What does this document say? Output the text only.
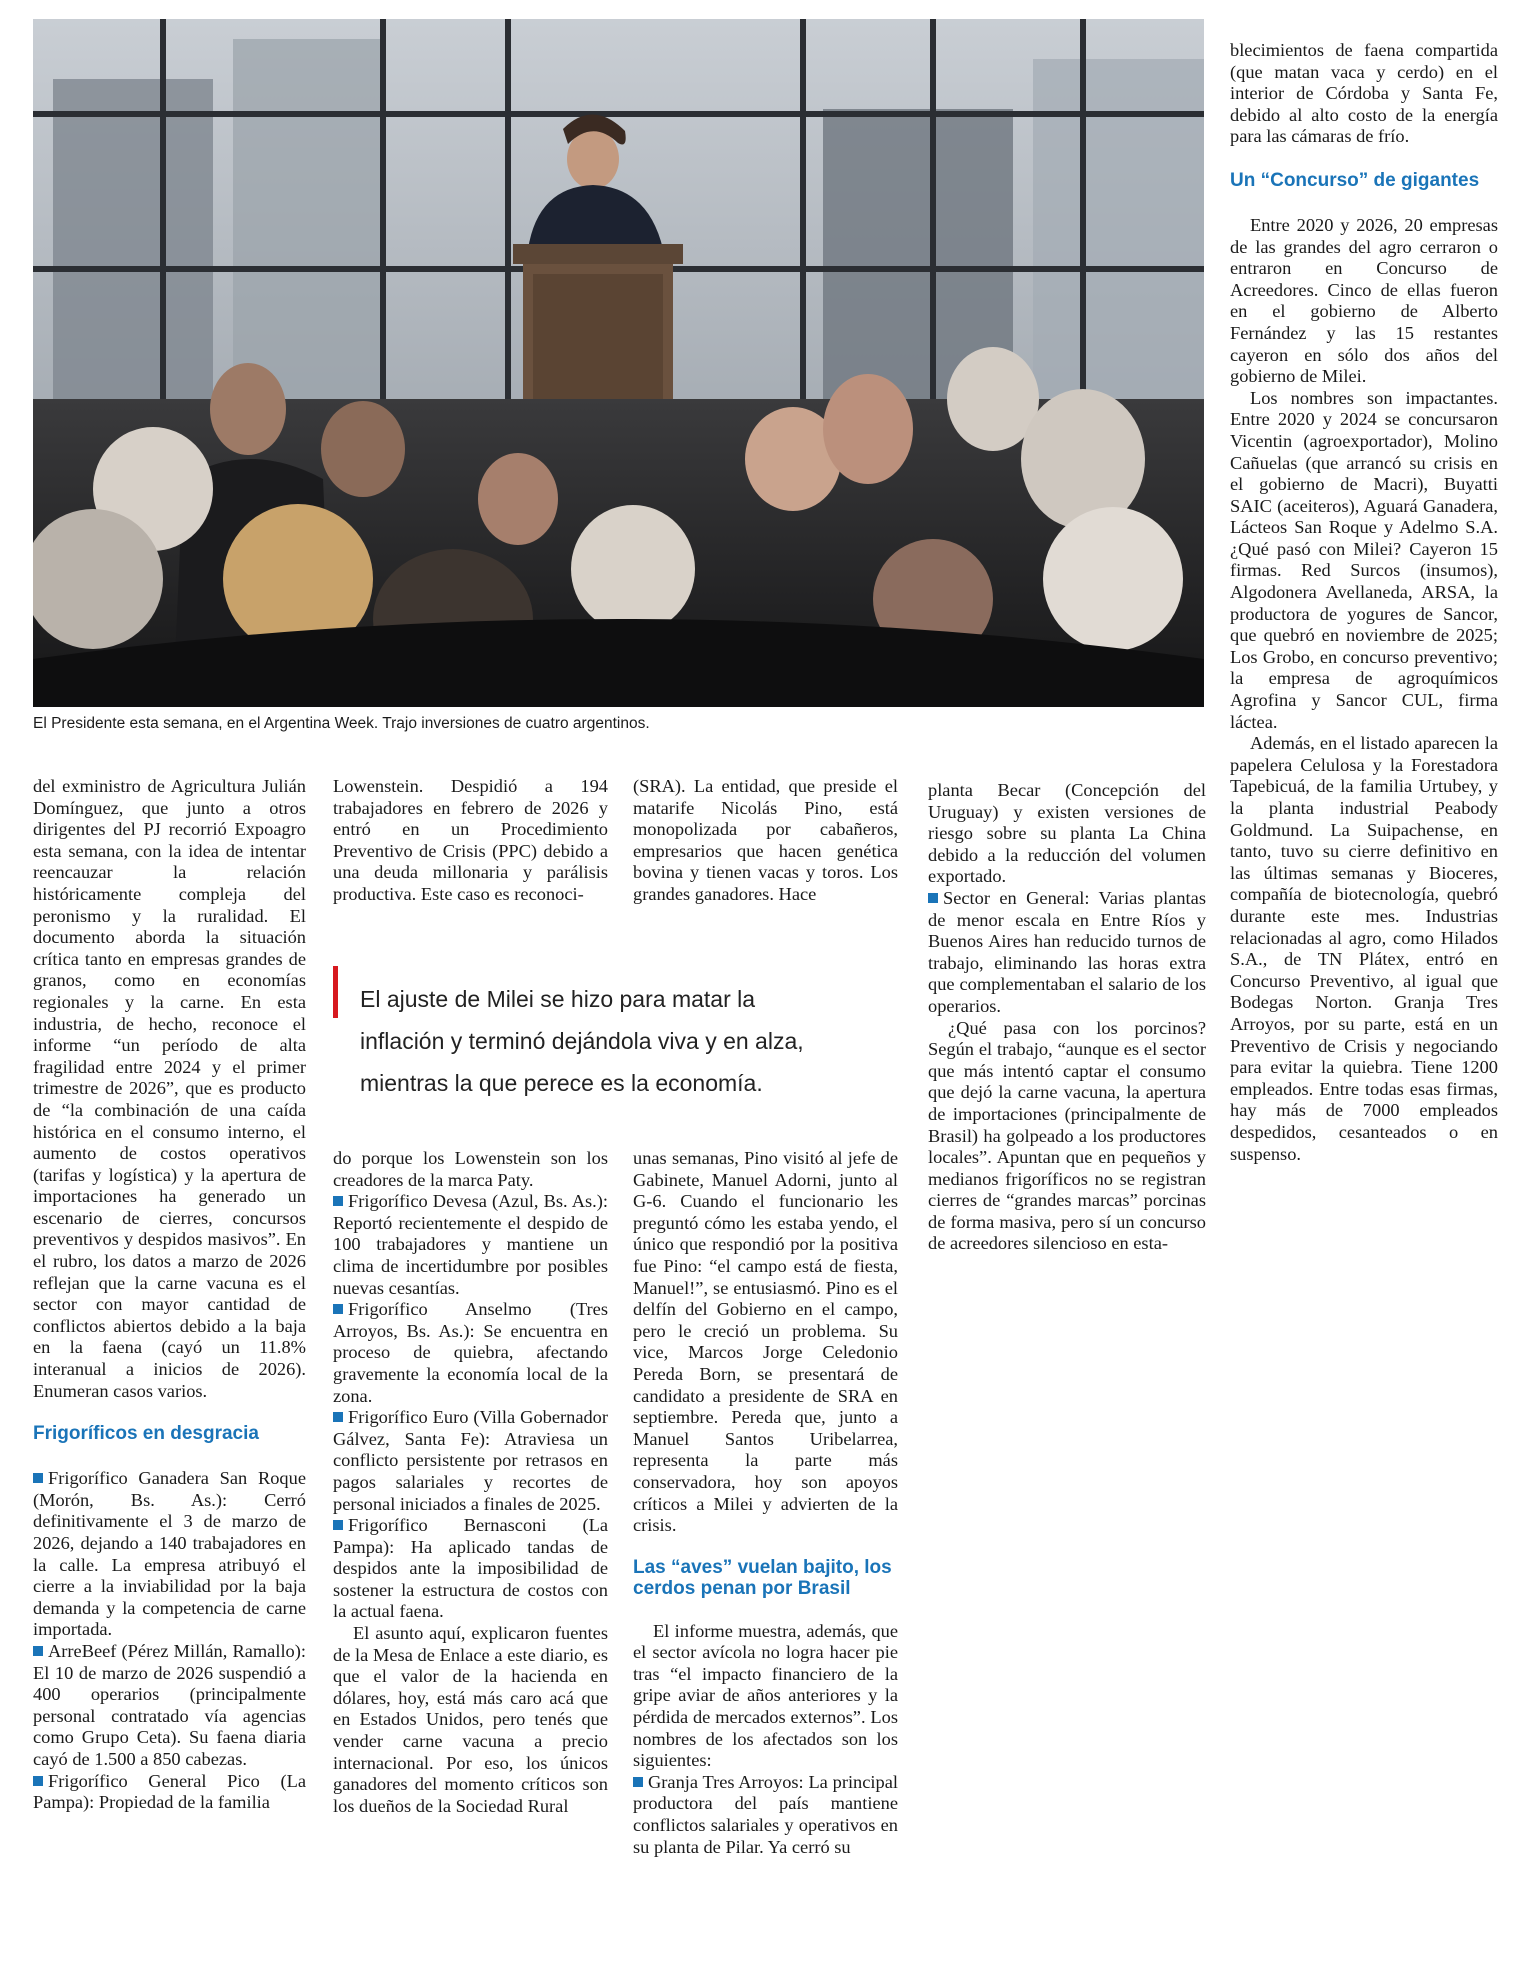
El Presidente esta semana, en el Argentina Week. Trajo inversiones de cuatro argentinos.

del exministro de Agricultura Julián Domínguez, que junto a otros dirigentes del PJ recorrió Expoagro esta semana, con la idea de intentar reencauzar la relación históricamente compleja del peronismo y la ruralidad. El documento aborda la situación crítica tanto en empresas grandes de granos, como en economías regionales y la carne. En esta industria, de hecho, reconoce el informe “un período de alta fragilidad entre 2024 y el primer trimestre de 2026”, que es producto de “la combinación de una caída histórica en el consumo interno, el aumento de costos operativos (tarifas y logística) y la apertura de importaciones ha generado un escenario de cierres, concursos preventivos y despidos masivos”. En el rubro, los datos a marzo de 2026 reflejan que la carne vacuna es el sector con mayor cantidad de conflictos abiertos debido a la baja en la faena (cayó un 11.8% interanual a inicios de 2026). Enumeran casos varios.

Frigoríficos en desgracia

Frigorífico Ganadera San Roque (Morón, Bs. As.): Cerró definitivamente el 3 de marzo de 2026, dejando a 140 trabajadores en la calle. La empresa atribuyó el cierre a la inviabilidad por la baja demanda y la competencia de carne importada.

ArreBeef (Pérez Millán, Ramallo): El 10 de marzo de 2026 suspendió a 400 operarios (principalmente personal contratado vía agencias como Grupo Ceta). Su faena diaria cayó de 1.500 a 850 cabezas.

Frigorífico General Pico (La Pampa): Propiedad de la familia

Lowenstein. Despidió a 194 trabajadores en febrero de 2026 y entró en un Procedimiento Preventivo de Crisis (PPC) debido a una deuda millonaria y parálisis productiva. Este caso es reconoci-

(SRA). La entidad, que preside el matarife Nicolás Pino, está monopolizada por cabañeros, empresarios que hacen genética bovina y tienen vacas y toros. Los grandes ganadores. Hace

El ajuste de Milei se hizo para matar la
inflación y terminó dejándola viva y en alza,
mientras la que perece es la economía.

do porque los Lowenstein son los creadores de la marca Paty.

Frigorífico Devesa (Azul, Bs. As.): Reportó recientemente el despido de 100 trabajadores y mantiene un clima de incertidumbre por posibles nuevas cesantías.

Frigorífico Anselmo (Tres Arroyos, Bs. As.): Se encuentra en proceso de quiebra, afectando gravemente la economía local de la zona.

Frigorífico Euro (Villa Gobernador Gálvez, Santa Fe): Atraviesa un conflicto persistente por retrasos en pagos salariales y recortes de personal iniciados a finales de 2025.

Frigorífico Bernasconi (La Pampa): Ha aplicado tandas de despidos ante la imposibilidad de sostener la estructura de costos con la actual faena.

El asunto aquí, explicaron fuentes de la Mesa de Enlace a este diario, es que el valor de la hacienda en dólares, hoy, está más caro acá que en Estados Unidos, pero tenés que vender carne vacuna a precio internacional. Por eso, los únicos ganadores del momento críticos son los dueños de la Sociedad Rural

unas semanas, Pino visitó al jefe de Gabinete, Manuel Adorni, junto al G-6. Cuando el funcionario les preguntó cómo les estaba yendo, el único que respondió por la positiva fue Pino: “el campo está de fiesta, Manuel!”, se entusiasmó. Pino es el delfín del Gobierno en el campo, pero le creció un problema. Su vice, Marcos Jorge Celedonio Pereda Born, se presentará de candidato a presidente de SRA en septiembre. Pereda que, junto a Manuel Santos Uribelarrea, representa la parte más conservadora, hoy son apoyos críticos a Milei y advierten de la crisis.

Las “aves” vuelan bajito, los cerdos penan por Brasil

El informe muestra, además, que el sector avícola no logra hacer pie tras “el impacto financiero de la gripe aviar de años anteriores y la pérdida de mercados externos”. Los nombres de los afectados son los siguientes:

Granja Tres Arroyos: La principal productora del país mantiene conflictos salariales y operativos en su planta de Pilar. Ya cerró su

planta Becar (Concepción del Uruguay) y existen versiones de riesgo sobre su planta La China debido a la reducción del volumen exportado.

Sector en General: Varias plantas de menor escala en Entre Ríos y Buenos Aires han reducido turnos de trabajo, eliminando las horas extra que complementaban el salario de los operarios.

¿Qué pasa con los porcinos? Según el trabajo, “aunque es el sector que más intentó captar el consumo que dejó la carne vacuna, la apertura de importaciones (principalmente de Brasil) ha golpeado a los productores locales”. Apuntan que en pequeños y medianos frigoríficos no se registran cierres de “grandes marcas” porcinas de forma masiva, pero sí un concurso de acreedores silencioso en esta-

blecimientos de faena compartida (que matan vaca y cerdo) en el interior de Córdoba y Santa Fe, debido al alto costo de la energía para las cámaras de frío.

Un “Concurso” de gigantes

Entre 2020 y 2026, 20 empresas de las grandes del agro cerraron o entraron en Concurso de Acreedores. Cinco de ellas fueron en el gobierno de Alberto Fernández y las 15 restantes cayeron en sólo dos años del gobierno de Milei.

Los nombres son impactantes. Entre 2020 y 2024 se concursaron Vicentin (agroexportador), Molino Cañuelas (que arrancó su crisis en el gobierno de Macri), Buyatti SAIC (aceiteros), Aguará Ganadera, Lácteos San Roque y Adelmo S.A. ¿Qué pasó con Milei? Cayeron 15 firmas. Red Surcos (insumos), Algodonera Avellaneda, ARSA, la productora de yogures de Sancor, que quebró en noviembre de 2025; Los Grobo, en concurso preventivo; la empresa de agroquímicos Agrofina y Sancor CUL, firma láctea.

Además, en el listado aparecen la papelera Celulosa y la Forestadora Tapebicuá, de la familia Urtubey, y la planta industrial Peabody Goldmund. La Suipachense, en tanto, tuvo su cierre definitivo en las últimas semanas y Bioceres, compañía de biotecnología, quebró durante este mes. Industrias relacionadas al agro, como Hilados S.A., de TN Plátex, entró en Concurso Preventivo, al igual que Bodegas Norton. Granja Tres Arroyos, por su parte, está en un Preventivo de Crisis y negociando para evitar la quiebra. Tiene 1200 empleados. Entre todas esas firmas, hay más de 7000 empleados despedidos, cesanteados o en suspenso.
